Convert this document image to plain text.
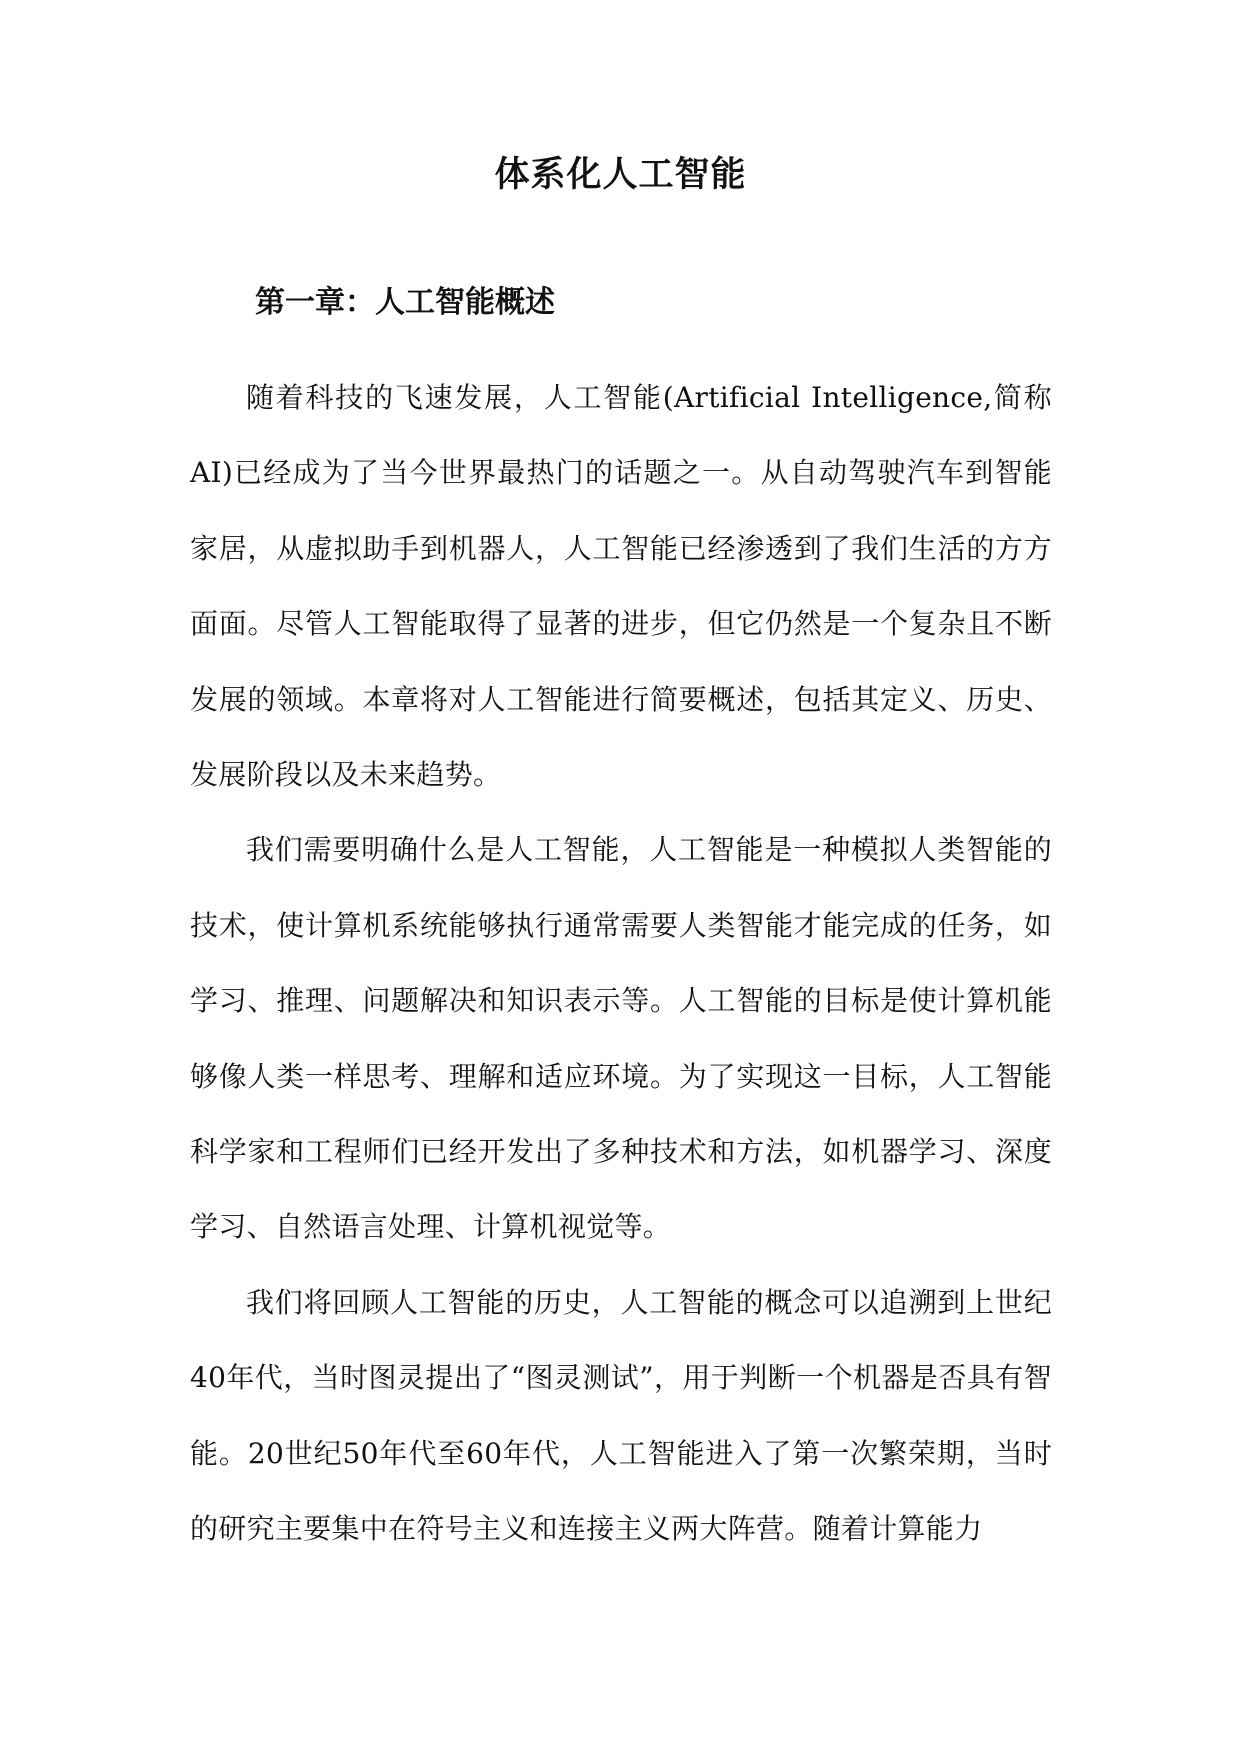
体系化人工智能
第一章：人工智能概述

随着科技的飞速发展，人工智能(Artificial Intelligence,简称AI)已经成为了当今世界最热门的话题之一。从自动驾驶汽车到智能家居，从虚拟助手到机器人，人工智能已经渗透到了我们生活的方方面面。尽管人工智能取得了显著的进步，但它仍然是一个复杂且不断发展的领域。本章将对人工智能进行简要概述，包括其定义、历史、发展阶段以及未来趋势。

我们需要明确什么是人工智能，人工智能是一种模拟人类智能的技术，使计算机系统能够执行通常需要人类智能才能完成的任务，如学习、推理、问题解决和知识表示等。人工智能的目标是使计算机能够像人类一样思考、理解和适应环境。为了实现这一目标，人工智能科学家和工程师们已经开发出了多种技术和方法，如机器学习、深度学习、自然语言处理、计算机视觉等。

我们将回顾人工智能的历史，人工智能的概念可以追溯到上世纪40年代，当时图灵提出了“图灵测试”，用于判断一个机器是否具有智能。20世纪50年代至60年代，人工智能进入了第一次繁荣期，当时的研究主要集中在符号主义和连接主义两大阵营。随着计算能力
